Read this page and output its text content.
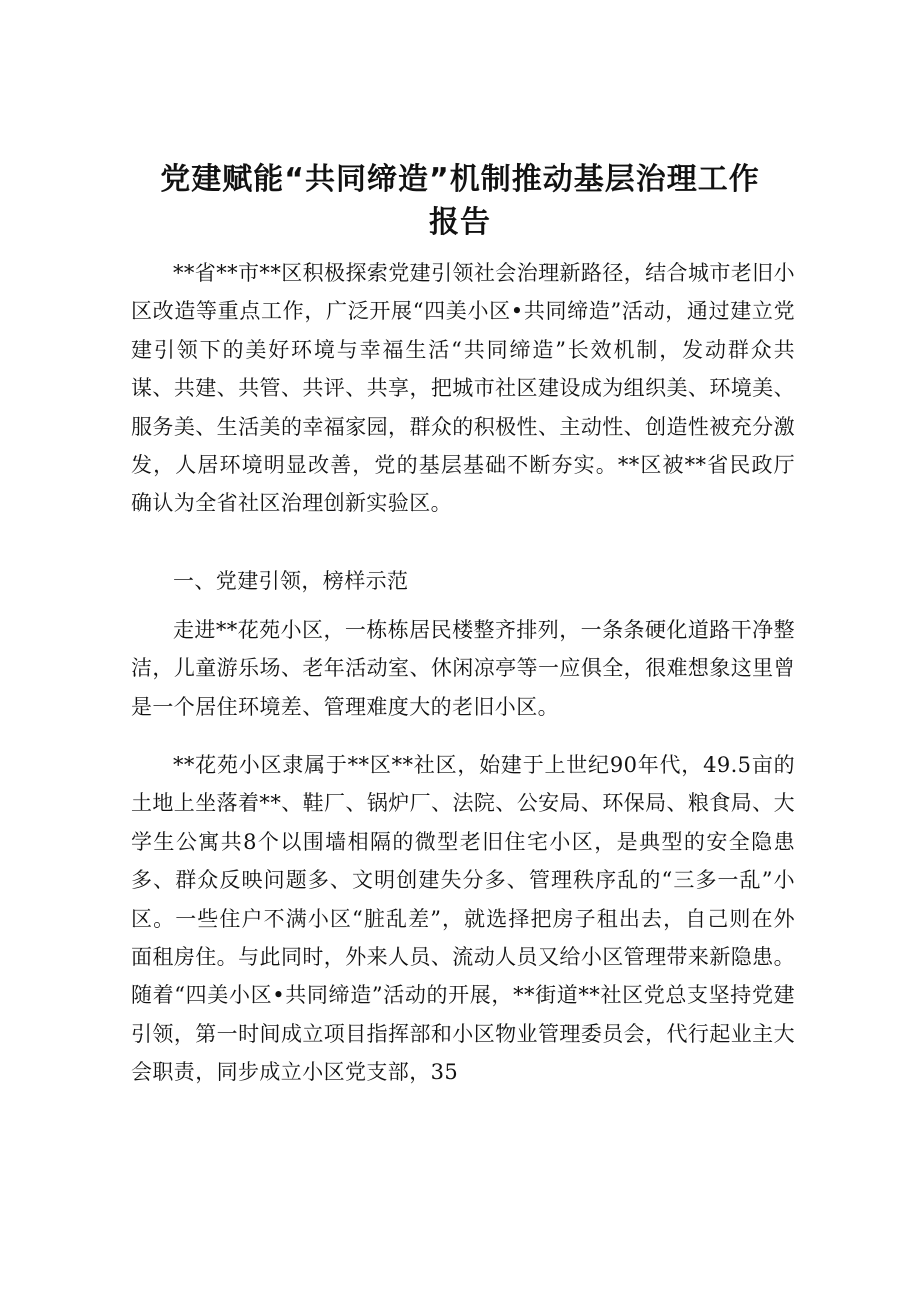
党建赋能“共同缔造”机制推动基层治理工作
报告

**省**市**区积极探索党建引领社会治理新路径，结合城市老旧小区改造等重点工作，广泛开展“四美小区•共同缔造”活动，通过建立党建引领下的美好环境与幸福生活“共同缔造”长效机制，发动群众共谋、共建、共管、共评、共享，把城市社区建设成为组织美、环境美、服务美、生活美的幸福家园，群众的积极性、主动性、创造性被充分激发，人居环境明显改善，党的基层基础不断夯实。**区被**省民政厅确认为全省社区治理创新实验区。

一、党建引领，榜样示范

走进**花苑小区，一栋栋居民楼整齐排列，一条条硬化道路干净整洁，儿童游乐场、老年活动室、休闲凉亭等一应俱全，很难想象这里曾是一个居住环境差、管理难度大的老旧小区。

**花苑小区隶属于**区**社区，始建于上世纪90年代，49.5亩的土地上坐落着**、鞋厂、锅炉厂、法院、公安局、环保局、粮食局、大学生公寓共8个以围墙相隔的微型老旧住宅小区，是典型的安全隐患多、群众反映问题多、文明创建失分多、管理秩序乱的“三多一乱”小区。一些住户不满小区“脏乱差”，就选择把房子租出去，自己则在外面租房住。与此同时，外来人员、流动人员又给小区管理带来新隐患。随着“四美小区•共同缔造”活动的开展，**街道**社区党总支坚持党建引领，第一时间成立项目指挥部和小区物业管理委员会，代行起业主大会职责，同步成立小区党支部，35
